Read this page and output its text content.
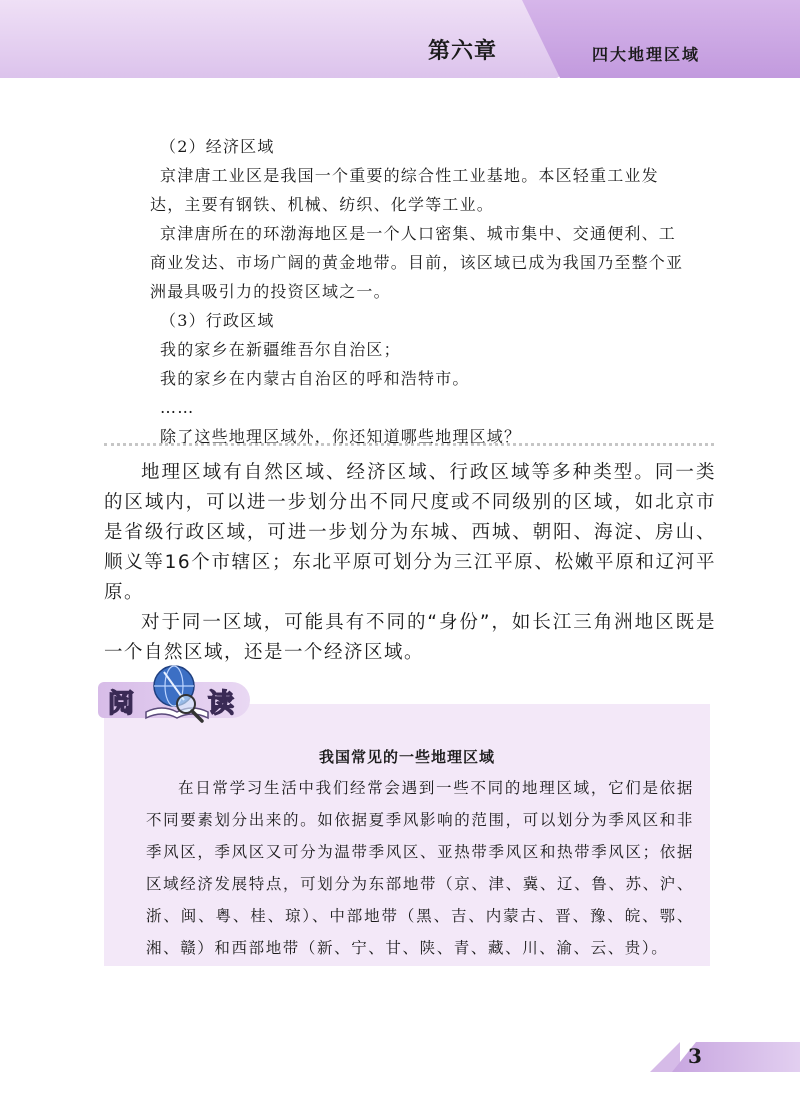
第六章	四大地理区域

（2）经济区域

京津唐工业区是我国一个重要的综合性工业基地。本区轻重工业发达，主要有钢铁、机械、纺织、化学等工业。

京津唐所在的环渤海地区是一个人口密集、城市集中、交通便利、工商业发达、市场广阔的黄金地带。目前，该区域已成为我国乃至整个亚洲最具吸引力的投资区域之一。

（3）行政区域

我的家乡在新疆维吾尔自治区；

我的家乡在内蒙古自治区的呼和浩特市。

……

除了这些地理区域外，你还知道哪些地理区域？

地理区域有自然区域、经济区域、行政区域等多种类型。同一类的区域内，可以进一步划分出不同尺度或不同级别的区域，如北京市是省级行政区域，可进一步划分为东城、西城、朝阳、海淀、房山、顺义等16个市辖区；东北平原可划分为三江平原、松嫩平原和辽河平原。

对于同一区域，可能具有不同的“身份”，如长江三角洲地区既是一个自然区域，还是一个经济区域。

阅	读
我国常见的一些地理区域

在日常学习生活中我们经常会遇到一些不同的地理区域，它们是依据不同要素划分出来的。如依据夏季风影响的范围，可以划分为季风区和非季风区，季风区又可分为温带季风区、亚热带季风区和热带季风区；依据区域经济发展特点，可划分为东部地带（京、津、冀、辽、鲁、苏、沪、浙、闽、粤、桂、琼）、中部地带（黑、吉、内蒙古、晋、豫、皖、鄂、湘、赣）和西部地带（新、宁、甘、陕、青、藏、川、渝、云、贵）。

3
